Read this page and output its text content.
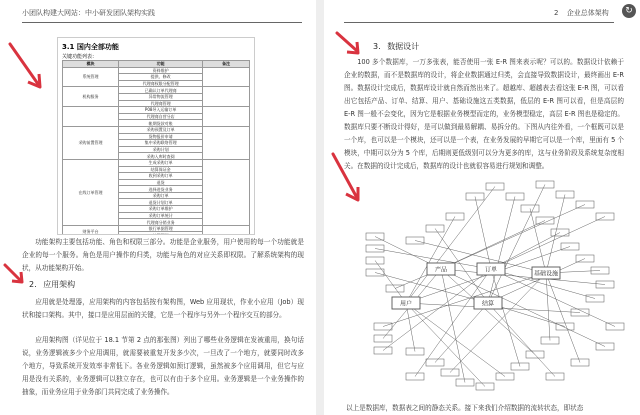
小团队构建大网站：中小研发团队架构实践
3.1 国内全部功能
关键功能列表：
模块	功能	备注
系统管理	资料维护	
	提供、修改	
	代理商权限分配管理	
机构服务	已确认订单代理商	
	异常物流管理	
	代理商管理	
	P08导入运输订单	
	代理商自营分店	
	帐期货款对账	
采购前置管理	采购预置及订单	
	货物报价申请	
	集中采购联络管理	
	采购计划	
	采购入库时查阅	
在线订单管理	生成采购订单	
	结算保证金	
	收到采购订单	
	退货	
	选择进货业务	
	采购订单	
	退货计划订单	
	采购订单维护	
	采购订单统计	
	代理商分销业务	
财务平台	银行单据管理	

功能架构主要包括功能、角色和权限三部分。功能是企业服务，用户使用的每一个功能就是企业的每一个服务。角色是用户操作的归类，功能与角色的对应关系即权限。了解系统架构的现状，从功能架构开始。
2. 应用架构
应用就是处理器，应用架构的内容包括按有架构图，Web 应用现状，作业小应用（Job）现状和接口架构。其中，接口是应用层面的关键，它是一个程序与另外一个程序交互的部分。
应用架构图（详见位于 18.1 节第 2 点的那张图）列出了哪些业务逻辑在发被重用，换句话说，业务逻辑被多少个应用调用，就需要被重复开发多少次，一旦改了一个地方，就要同时改多个地方，导致系统开发效率非常低下。各业务逻辑如预订逻辑，虽然被多个应用调用，但它与应用是没有关系的，业务逻辑可以独立存在，也可以有由于多个应用。业务逻辑是一个业务操作的抽象，而业务应用于业务部门共同完成了业务操作。
2 企业总体架构	↻
3. 数据设计
100 多个数据库，一万多张表，能否使用一张 E-R 图来表示呢？可以的。数据设计依赖于企业的数据，而不是数据库的设计，将企业数据通过归类，会直接导致数据设计，最终画出 E-R 图。数据设计完成后，数据库设计就自然而然出来了。超越库、超越表去看这张 E-R 图，可以看出它包括产品、订单、结算、用户、基础设施这五类数据，低层的 E-R 图可以看，但是高层的 E-R 图一般不会变化，因为它是根据业务模型而定的，业务模型稳定，高层 E-R 图也是稳定的。数据库只要不断设计得好，是可以做到最易解耦、易拆分的。下图从内往外看，一个框既可以是一个库，也可以是一个模块，还可以是一个表，在业务发展的早期它可以是一个库，里面有 5 个模块，中期可以分为 5 个库，后期则更低级别可以分为更多的库，这与业务阶段及系统复杂度相关。在数据的设计完成后，数据库的设计也就很容易进行规划和调整。
以上是数据库，数据表之间的静态关系。接下来我们介绍数据的流转状态，即状态
产品	订单
用户	结算
基础设施
